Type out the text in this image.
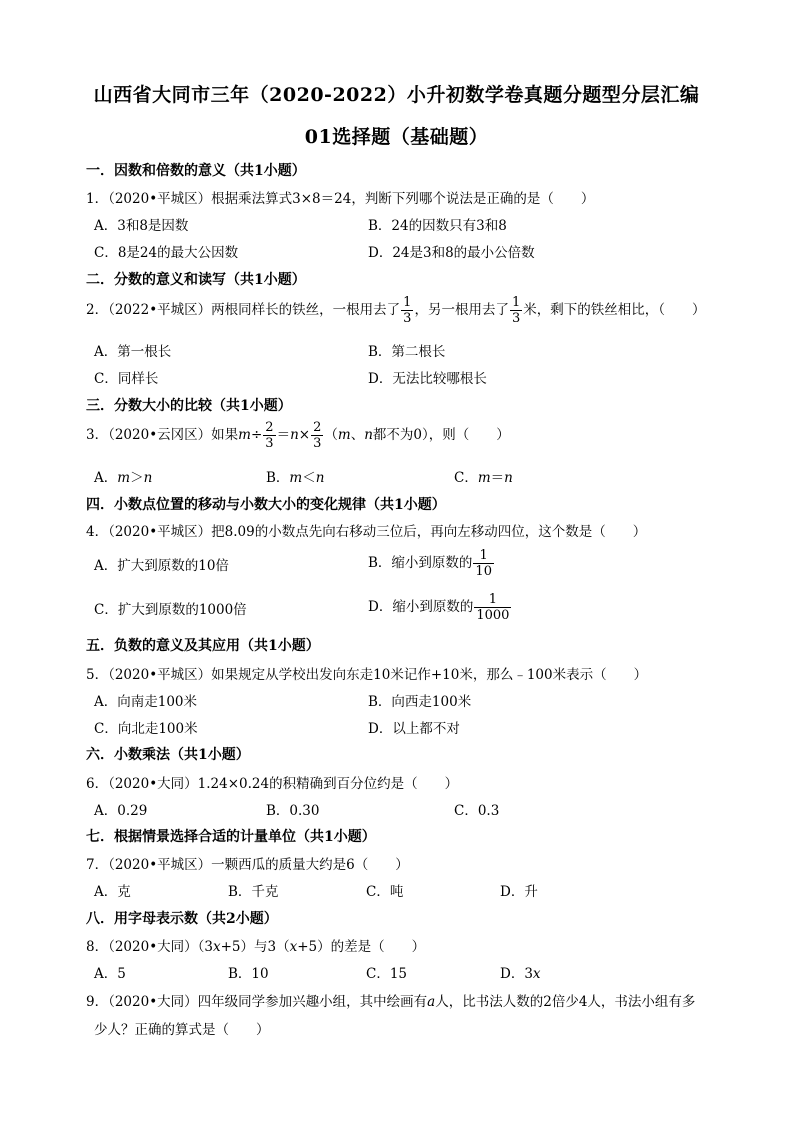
山西省大同市三年（2020-2022）小升初数学卷真题分题型分层汇编
01选择题（基础题）
一．因数和倍数的意义（共1小题）
1．（2020•平城区）根据乘法算式3×8＝24，判断下列哪个说法是正确的是（　　）
A．3和8是因数	B．24的因数只有3和8
C．8是24的最大公因数	D．24是3和8的最小公倍数
二．分数的意义和读写（共1小题）
2．（2022•平城区）两根同样长的铁丝，一根用去了 $\frac{1}{3}$ ，另一根用去了 $\frac{1}{3}$ 米，剩下的铁丝相比，（　　）
A．第一根长	B．第二根长
C．同样长	D．无法比较哪根长
三．分数大小的比较（共1小题）
3．（2020•云冈区）如果$m\div \frac{2}{3} =n\times \frac{2}{3} (m$、n都不为0），则（　　）
A．m＞n	B．m＜n	C．m＝n
四．小数点位置的移动与小数大小的变化规律（共1小题）
4．（2020•平城区）把8.09的小数点先向右移动三位后，再向左移动四位，这个数是（　　）
A．扩大到原数的10倍	B．缩小到原数的 $\frac{1}{10}$
C．扩大到原数的1000倍	D．缩小到原数的 $\frac{1}{1000}$
五．负数的意义及其应用（共1小题）
5．（2020•平城区）如果规定从学校出发向东走10米记作+10米，那么﹣100米表示（　　）
A．向南走100米	B．向西走100米
C．向北走100米	D．以上都不对
六．小数乘法（共1小题）
6．（2020•大同）1.24×0.24的积精确到百分位约是（　　）
A．0.29	B．0.30	C．0.3
七．根据情景选择合适的计量单位（共1小题）
7．（2020•平城区）一颗西瓜的质量大约是6（　　）
A．克	B．千克	C．吨	D．升
八．用字母表示数（共2小题）
8．（2020•大同）（3x+5）与3（x+5）的差是（　　）
A．5	B．10	C．15	D．3x
9．（2020•大同）四年级同学参加兴趣小组，其中绘画有a人，比书法人数的2倍少4人，书法小组有多
少人？正确的算式是（　　）
